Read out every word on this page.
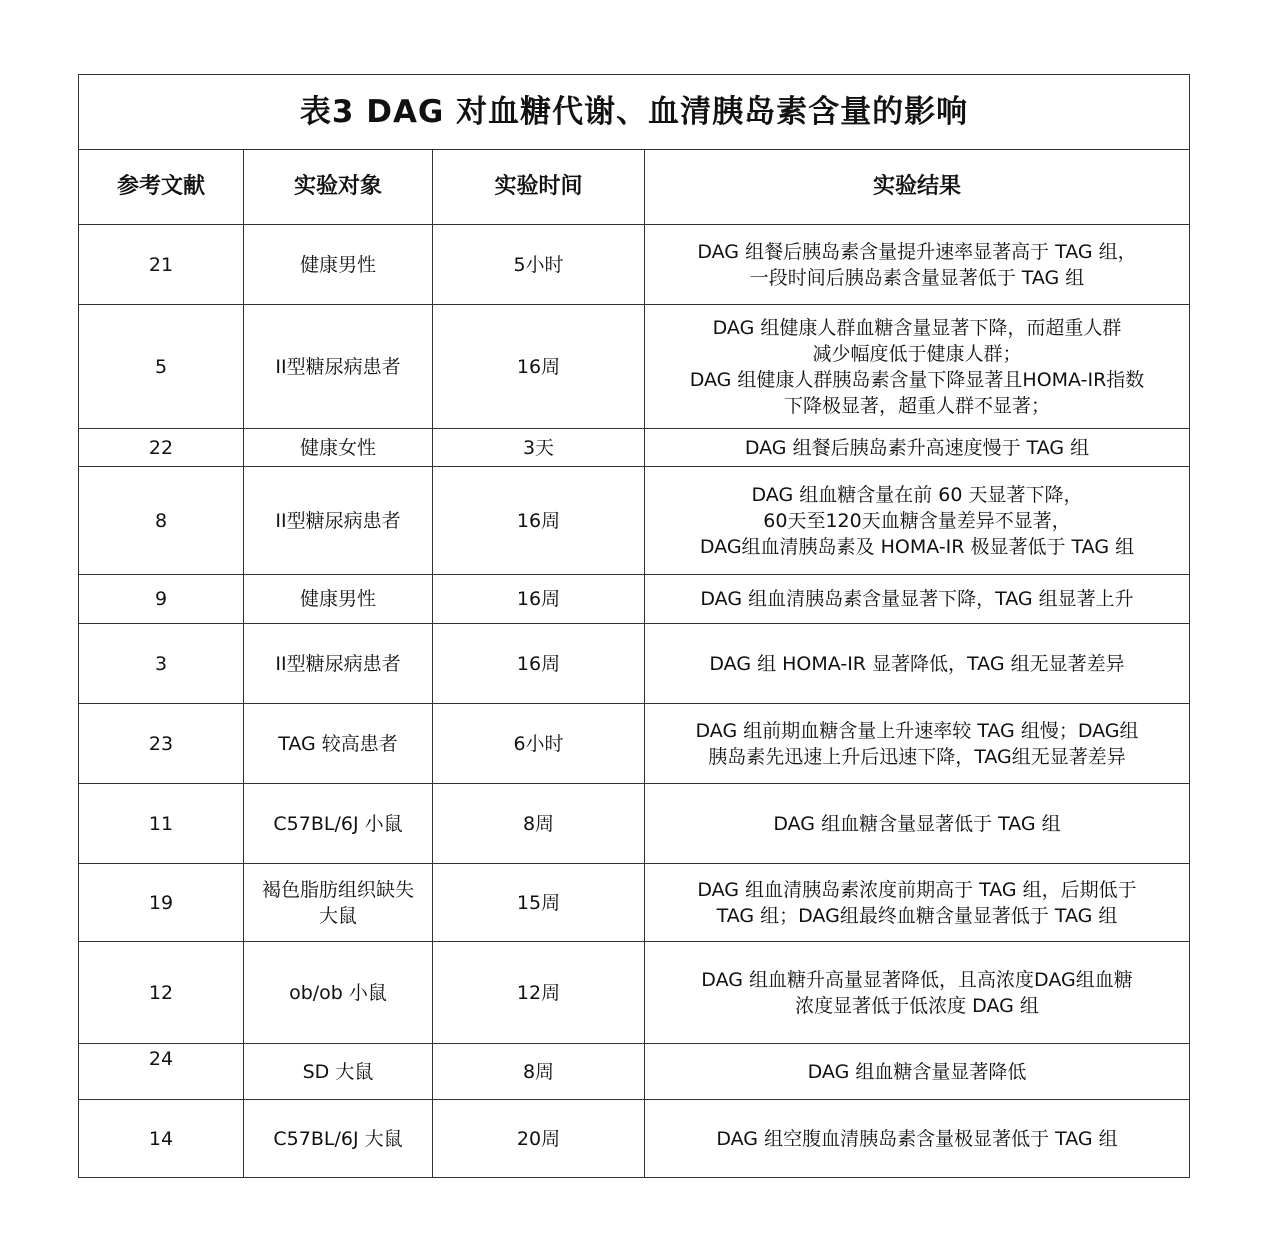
表3 DAG 对血糖代谢、血清胰岛素含量的影响			
参考文献	实验对象	实验时间	实验结果
21	健康男性	5小时	DAG 组餐后胰岛素含量提升速率显著高于 TAG 组，
一段时间后胰岛素含量显著低于 TAG 组

5	II型糖尿病患者	16周	DAG 组健康人群血糖含量显著下降，而超重人群
减少幅度低于健康人群；
DAG 组健康人群胰岛素含量下降显著且HOMA-IR指数
下降极显著，超重人群不显著；

22	健康女性	3天	DAG 组餐后胰岛素升高速度慢于 TAG 组

8	II型糖尿病患者	16周	DAG 组血糖含量在前 60 天显著下降，
60天至120天血糖含量差异不显著，
DAG组血清胰岛素及 HOMA-IR 极显著低于 TAG 组

9	健康男性	16周	DAG 组血清胰岛素含量显著下降，TAG 组显著上升

3	II型糖尿病患者	16周	DAG 组 HOMA-IR 显著降低，TAG 组无显著差异

23	TAG 较高患者	6小时	DAG 组前期血糖含量上升速率较 TAG 组慢；DAG组
胰岛素先迅速上升后迅速下降，TAG组无显著差异

11	C57BL/6J 小鼠	8周	DAG 组血糖含量显著低于 TAG 组

19	褐色脂肪组织缺失
大鼠	15周	DAG 组血清胰岛素浓度前期高于 TAG 组，后期低于
TAG 组；DAG组最终血糖含量显著低于 TAG 组

12	ob/ob 小鼠	12周	DAG 组血糖升高量显著降低，且高浓度DAG组血糖
浓度显著低于低浓度 DAG 组

24	SD 大鼠	8周	DAG 组血糖含量显著降低

14	C57BL/6J 大鼠	20周	DAG 组空腹血清胰岛素含量极显著低于 TAG 组
